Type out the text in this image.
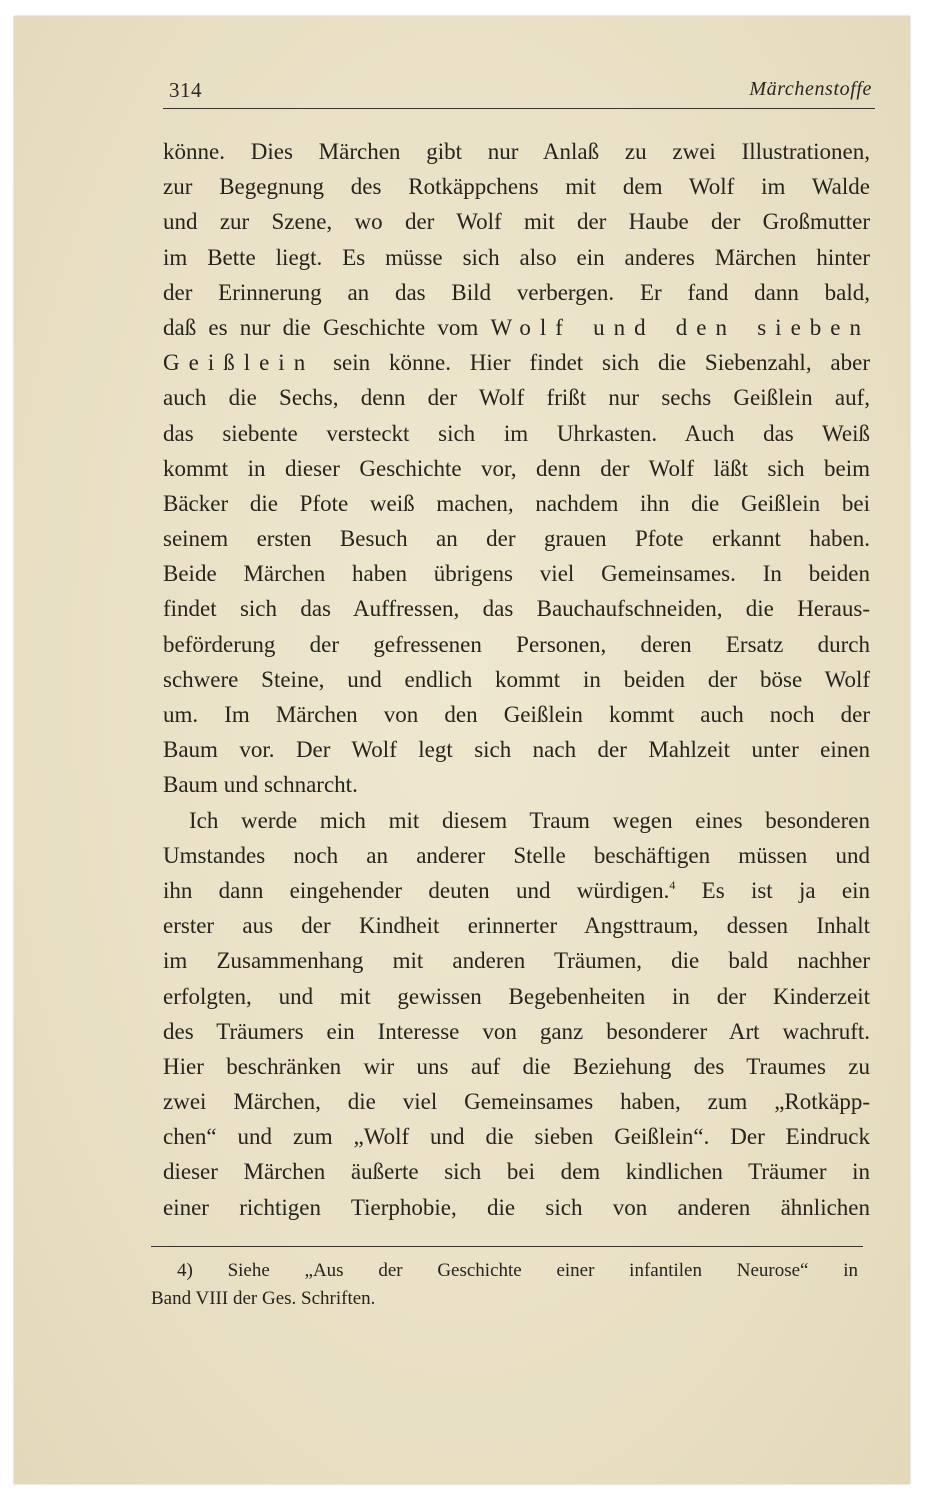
314	Märchenstoffe
könne. Dies Märchen gibt nur Anlaß zu zwei Illustrationen,
zur Begegnung des Rotkäppchens mit dem Wolf im Walde
und zur Szene, wo der Wolf mit der Haube der Großmutter
im Bette liegt. Es müsse sich also ein anderes Märchen hinter
der Erinnerung an das Bild verbergen. Er fand dann bald,
daß es nur die Geschichte vom Wolf und den sieben
Geißlein sein könne. Hier findet sich die Siebenzahl, aber
auch die Sechs, denn der Wolf frißt nur sechs Geißlein auf,
das siebente versteckt sich im Uhrkasten. Auch das Weiß
kommt in dieser Geschichte vor, denn der Wolf läßt sich beim
Bäcker die Pfote weiß machen, nachdem ihn die Geißlein bei
seinem ersten Besuch an der grauen Pfote erkannt haben.
Beide Märchen haben übrigens viel Gemeinsames. In beiden
findet sich das Auffressen, das Bauchaufschneiden, die Heraus-
beförderung der gefressenen Personen, deren Ersatz durch
schwere Steine, und endlich kommt in beiden der böse Wolf
um. Im Märchen von den Geißlein kommt auch noch der
Baum vor. Der Wolf legt sich nach der Mahlzeit unter einen
Baum und schnarcht.
Ich werde mich mit diesem Traum wegen eines besonderen
Umstandes noch an anderer Stelle beschäftigen müssen und
ihn dann eingehender deuten und würdigen.$^4$ Es ist ja ein
erster aus der Kindheit erinnerter Angsttraum, dessen Inhalt
im Zusammenhang mit anderen Träumen, die bald nachher
erfolgten, und mit gewissen Begebenheiten in der Kinderzeit
des Träumers ein Interesse von ganz besonderer Art wachruft.
Hier beschränken wir uns auf die Beziehung des Traumes zu
zwei Märchen, die viel Gemeinsames haben, zum „Rotkäpp-
chen“ und zum „Wolf und die sieben Geißlein“. Der Eindruck
dieser Märchen äußerte sich bei dem kindlichen Träumer in
einer richtigen Tierphobie, die sich von anderen ähnlichen
4) Siehe „Aus der Geschichte einer infantilen Neurose“ in
Band VIII der Ges. Schriften.
